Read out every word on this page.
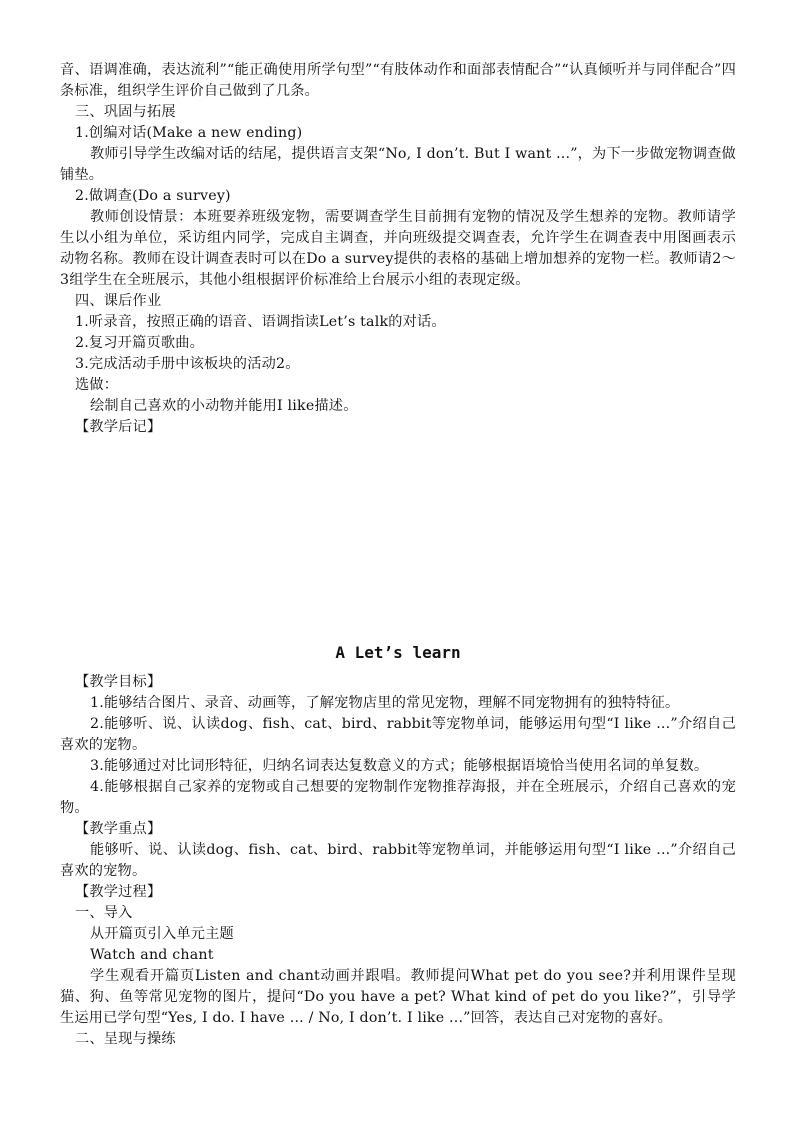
音、语调准确，表达流利”“能正确使用所学句型”“有肢体动作和面部表情配合”“认真倾听并与同伴配合”四条标准，组织学生评价自己做到了几条。

三、巩固与拓展

1.创编对话(Make a new ending)

教师引导学生改编对话的结尾，提供语言支架“No, I don’t. But I want ...”，为下一步做宠物调查做铺垫。

2.做调查(Do a survey)

教师创设情景：本班要养班级宠物，需要调查学生目前拥有宠物的情况及学生想养的宠物。教师请学生以小组为单位，采访组内同学，完成自主调查，并向班级提交调查表，允许学生在调查表中用图画表示动物名称。教师在设计调查表时可以在Do a survey提供的表格的基础上增加想养的宠物一栏。教师请2～3组学生在全班展示，其他小组根据评价标准给上台展示小组的表现定级。

四、课后作业

1.听录音，按照正确的语音、语调指读Let’s talk的对话。

2.复习开篇页歌曲。

3.完成活动手册中该板块的活动2。

选做：

绘制自己喜欢的小动物并能用I like描述。

【教学后记】

A Let’s learn

【教学目标】

1.能够结合图片、录音、动画等，了解宠物店里的常见宠物，理解不同宠物拥有的独特特征。

2.能够听、说、认读dog、fish、cat、bird、rabbit等宠物单词，能够运用句型“I like ...”介绍自己喜欢的宠物。

3.能够通过对比词形特征，归纳名词表达复数意义的方式；能够根据语境恰当使用名词的单复数。

4.能够根据自己家养的宠物或自己想要的宠物制作宠物推荐海报，并在全班展示，介绍自己喜欢的宠物。

【教学重点】

能够听、说、认读dog、fish、cat、bird、rabbit等宠物单词，并能够运用句型“I like ...”介绍自己喜欢的宠物。

【教学过程】

一、导入

从开篇页引入单元主题

Watch and chant

学生观看开篇页Listen and chant动画并跟唱。教师提问What pet do you see?并利用课件呈现猫、狗、鱼等常见宠物的图片，提问“Do you have a pet? What kind of pet do you like?”，引导学生运用已学句型“Yes, I do. I have ... / No, I don’t. I like ...”回答，表达自己对宠物的喜好。

二、呈现与操练
